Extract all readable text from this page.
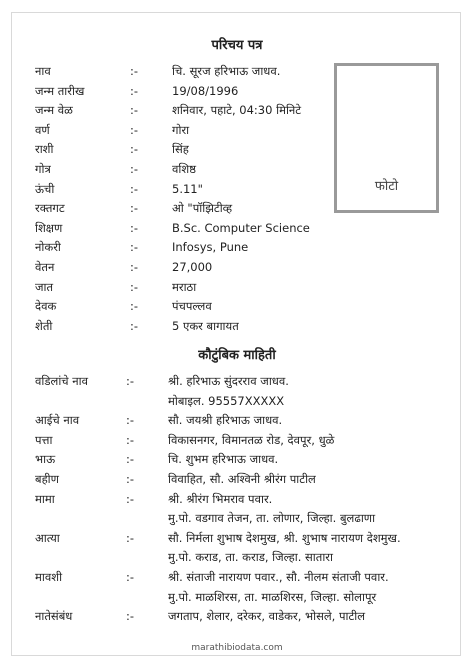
परिचय पत्र
फोटो
नाव	:-	चि. सूरज हरिभाऊ जाधव.
जन्म तारीख	:-	19/08/1996
जन्म वेळ	:-	शनिवार, पहाटे, 04:30 मिनिटे
वर्ण	:-	गोरा
राशी	:-	सिंह
गोत्र	:-	वशिष्ठ
ऊंची	:-	5.11"
रक्तगट	:-	ओ "पॉझिटीव्ह
शिक्षण	:-	B.Sc. Computer Science
नोकरी	:-	Infosys, Pune
वेतन	:-	27,000
जात	:-	मराठा
देवक	:-	पंचपल्लव
शेती	:-	5 एकर बागायत
कौटुंबिक माहिती
वडिलांचे नाव	:-	श्री. हरिभाऊ सुंदरराव जाधव.
मोबाइल. 95557XXXXX
आईचे नाव	:-	सौ. जयश्री हरिभाऊ जाधव.
पत्ता	:-	विकासनगर, विमानतळ रोड, देवपूर, धुळे
भाऊ	:-	चि. शुभम हरिभाऊ जाधव.
बहीण	:-	विवाहित, सौ. अश्विनी श्रीरंग पाटील
मामा	:-	श्री. श्रीरंग भिमराव पवार.
मु.पो. वडगाव तेजन, ता. लोणार, जिल्हा. बुलढाणा
आत्या	:-	सौ. निर्मला शुभाष देशमुख, श्री. शुभाष नारायण देशमुख.
मु.पो. कराड, ता. कराड, जिल्हा. सातारा
मावशी	:-	श्री. संताजी नारायण पवार., सौ. नीलम संताजी पवार.
मु.पो. माळशिरस, ता. माळशिरस, जिल्हा. सोलापूर
नातेसंबंध	:-	जगताप, शेलार, दरेकर, वाडेकर, भोसले, पाटील
marathibiodata.com
